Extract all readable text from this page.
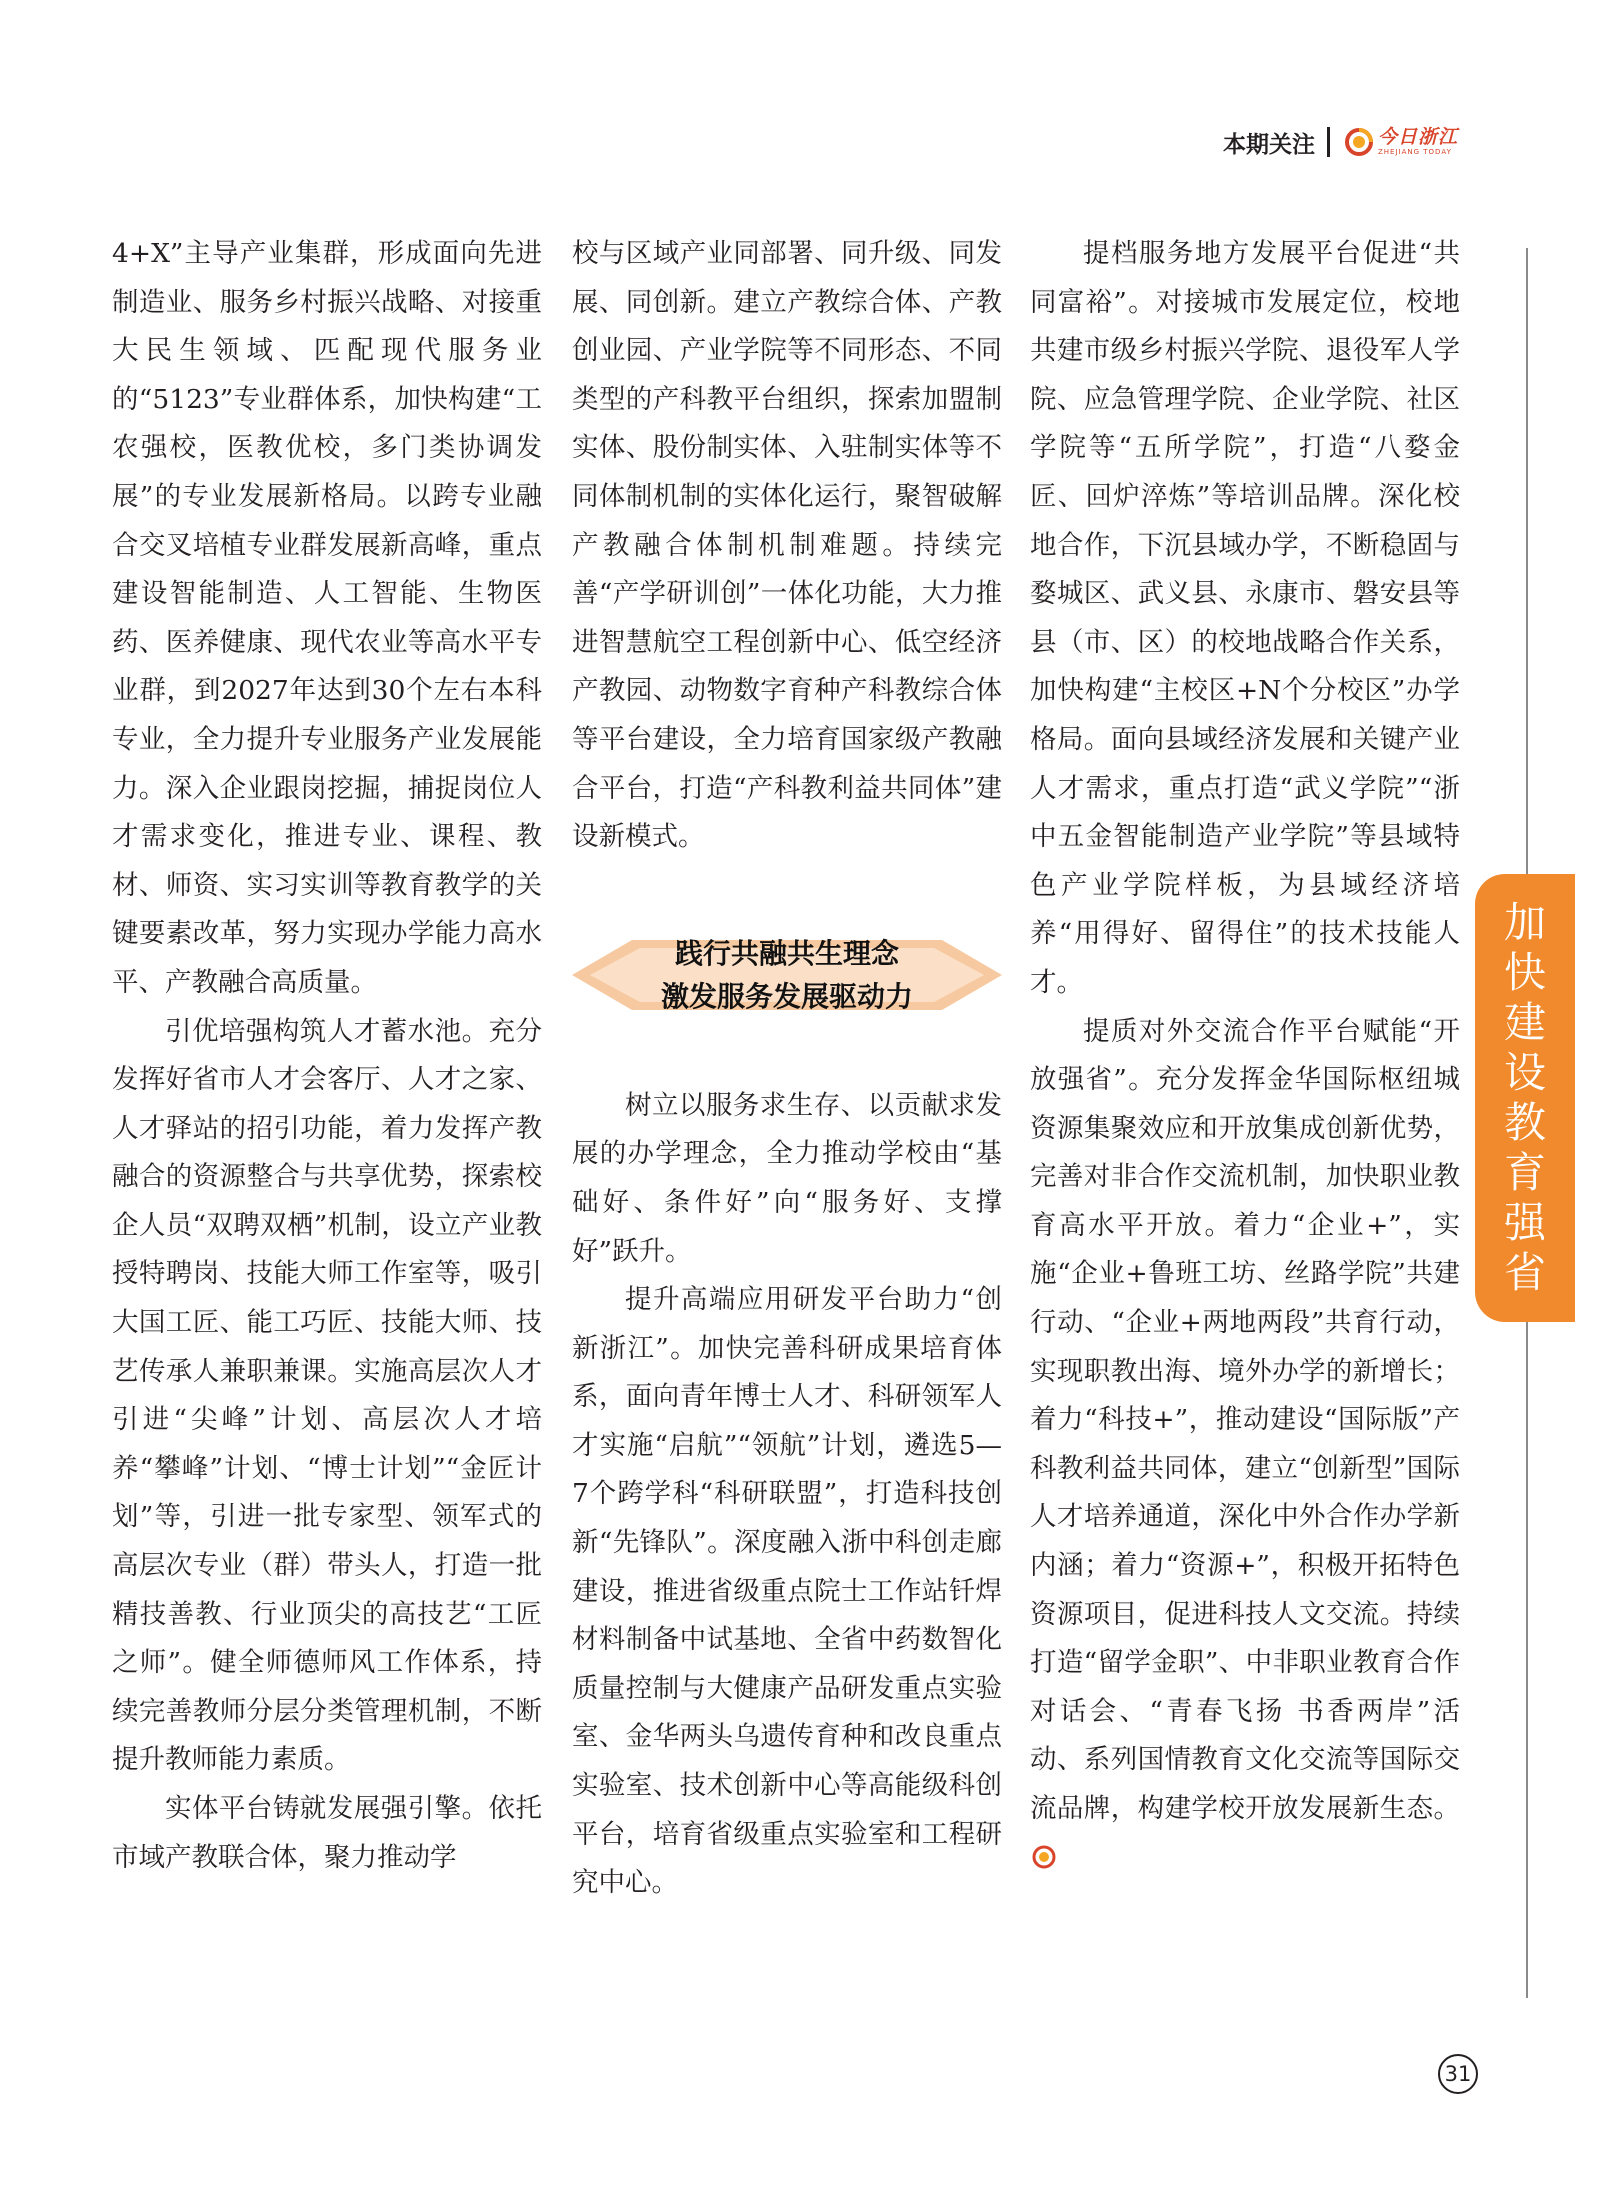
本期关注	今日浙江
ZHEJIANG TODAY

4+X”主导产业集群，形成面向先进制造业、服务乡村振兴战略、对接重大民生领域、匹配现代服务业的“5123”专业群体系，加快构建“工农强校，医教优校，多门类协调发展”的专业发展新格局。以跨专业融合交叉培植专业群发展新高峰，重点建设智能制造、人工智能、生物医药、医养健康、现代农业等高水平专业群，到2027年达到30个左右本科专业，全力提升专业服务产业发展能力。深入企业跟岗挖掘，捕捉岗位人才需求变化，推进专业、课程、教材、师资、实习实训等教育教学的关键要素改革，努力实现办学能力高水平、产教融合高质量。

引优培强构筑人才蓄水池。充分发挥好省市人才会客厅、人才之家、人才驿站的招引功能，着力发挥产教融合的资源整合与共享优势，探索校企人员“双聘双栖”机制，设立产业教授特聘岗、技能大师工作室等，吸引大国工匠、能工巧匠、技能大师、技艺传承人兼职兼课。实施高层次人才引进“尖峰”计划、高层次人才培养“攀峰”计划、“博士计划”“金匠计划”等，引进一批专家型、领军式的高层次专业（群）带头人，打造一批精技善教、行业顶尖的高技艺“工匠之师”。健全师德师风工作体系，持续完善教师分层分类管理机制，不断提升教师能力素质。

实体平台铸就发展强引擎。依托市域产教联合体，聚力推动学

校与区域产业同部署、同升级、同发展、同创新。建立产教综合体、产教创业园、产业学院等不同形态、不同类型的产科教平台组织，探索加盟制实体、股份制实体、入驻制实体等不同体制机制的实体化运行，聚智破解产教融合体制机制难题。持续完善“产学研训创”一体化功能，大力推进智慧航空工程创新中心、低空经济产教园、动物数字育种产科教综合体等平台建设，全力培育国家级产教融合平台，打造“产科教利益共同体”建设新模式。

践行共融共生理念
激发服务发展驱动力

树立以服务求生存、以贡献求发展的办学理念，全力推动学校由“基础好、条件好”向“服务好、支撑好”跃升。

提升高端应用研发平台助力“创新浙江”。加快完善科研成果培育体系，面向青年博士人才、科研领军人才实施“启航”“领航”计划，遴选5—7个跨学科“科研联盟”，打造科技创新“先锋队”。深度融入浙中科创走廊建设，推进省级重点院士工作站钎焊材料制备中试基地、全省中药数智化质量控制与大健康产品研发重点实验室、金华两头乌遗传育种和改良重点实验室、技术创新中心等高能级科创平台，培育省级重点实验室和工程研究中心。

提档服务地方发展平台促进“共同富裕”。对接城市发展定位，校地共建市级乡村振兴学院、退役军人学院、应急管理学院、企业学院、社区学院等“五所学院”，打造“八婺金匠、回炉淬炼”等培训品牌。深化校地合作，下沉县域办学，不断稳固与婺城区、武义县、永康市、磐安县等县（市、区）的校地战略合作关系，加快构建“主校区+N个分校区”办学格局。面向县域经济发展和关键产业人才需求，重点打造“武义学院”“浙中五金智能制造产业学院”等县域特色产业学院样板，为县域经济培养“用得好、留得住”的技术技能人才。

提质对外交流合作平台赋能“开放强省”。充分发挥金华国际枢纽城资源集聚效应和开放集成创新优势，完善对非合作交流机制，加快职业教育高水平开放。着力“企业+”，实施“企业+鲁班工坊、丝路学院”共建行动、“企业+两地两段”共育行动，实现职教出海、境外办学的新增长；着力“科技+”，推动建设“国际版”产科教利益共同体，建立“创新型”国际人才培养通道，深化中外合作办学新内涵；着力“资源+”，积极开拓特色资源项目，促进科技人文交流。持续打造“留学金职”、中非职业教育合作对话会、“青春飞扬 书香两岸”活动、系列国情教育文化交流等国际交流品牌，构建学校开放发展新生态。

加
快
建
设
教
育
强
省
31
